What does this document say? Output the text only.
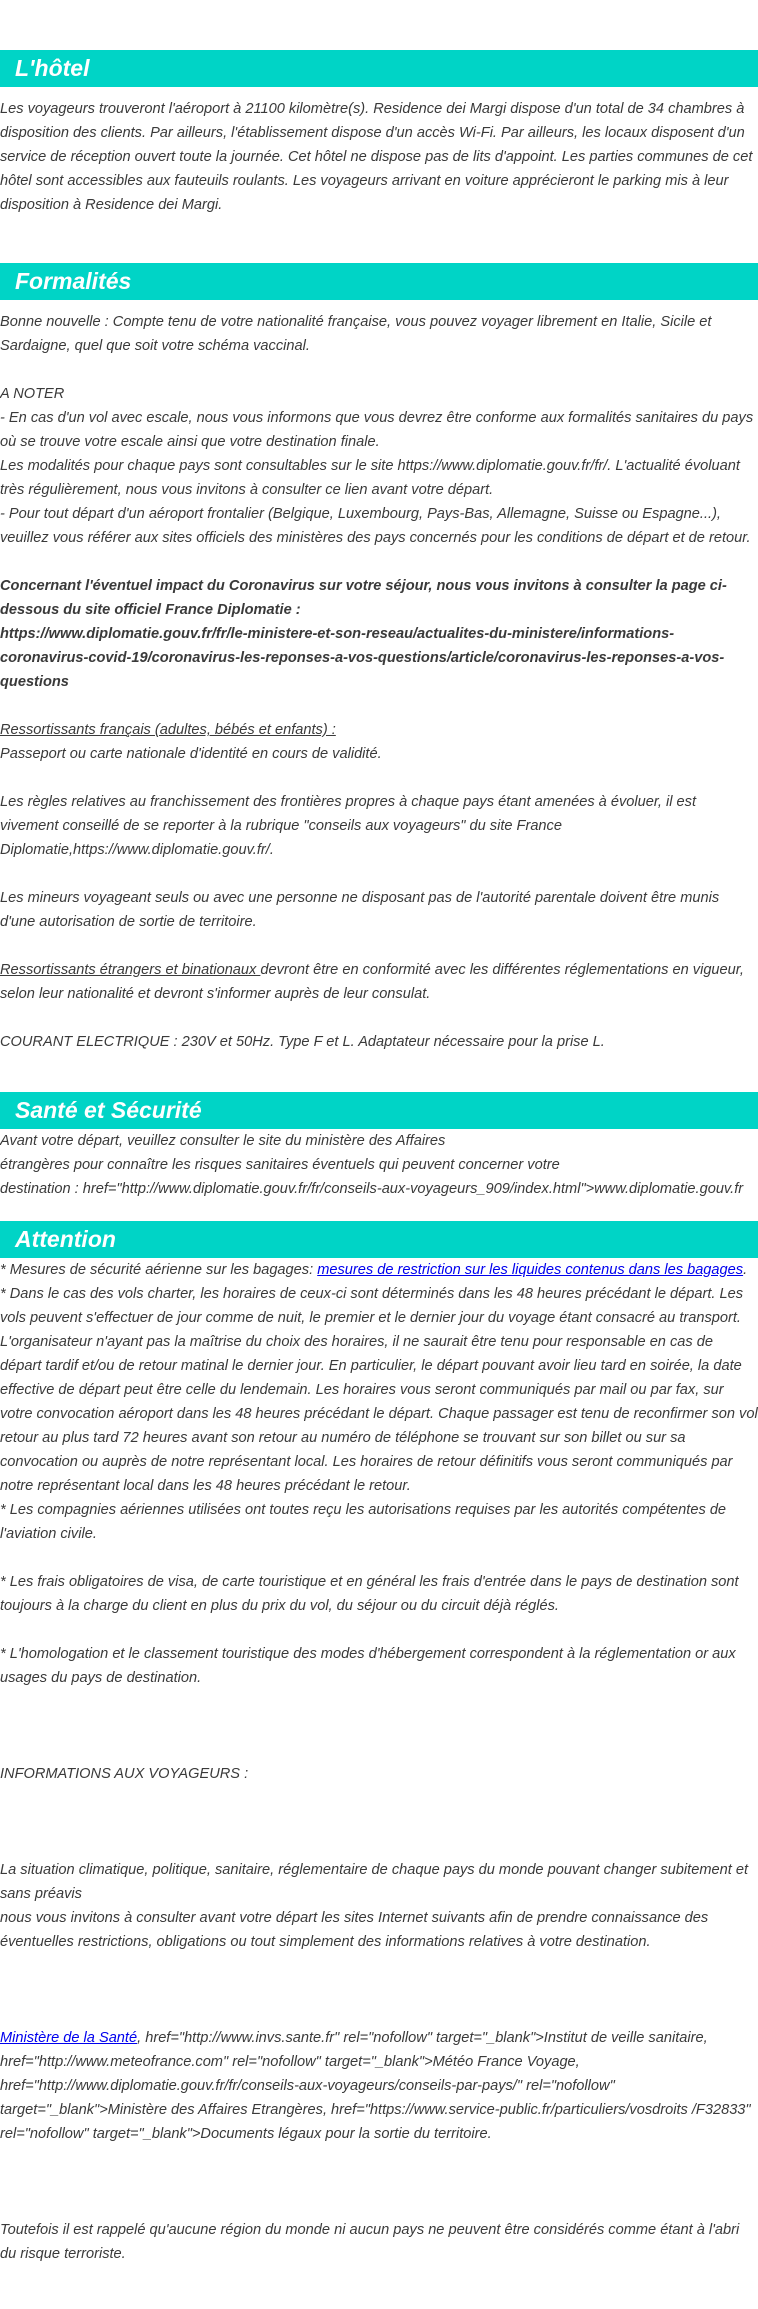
L'hôtel

Les voyageurs trouveront l'aéroport à 21100 kilomètre(s). Residence dei Margi dispose d'un total de 34 chambres à disposition des clients. Par ailleurs, l'établissement dispose d'un accès Wi-Fi. Par ailleurs, les locaux disposent d'un service de réception ouvert toute la journée. Cet hôtel ne dispose pas de lits d'appoint. Les parties communes de cet hôtel sont accessibles aux fauteuils roulants. Les voyageurs arrivant en voiture apprécieront le parking mis à leur disposition à Residence dei Margi.

Formalités

Bonne nouvelle : Compte tenu de votre nationalité française, vous pouvez voyager librement en Italie, Sicile et Sardaigne, quel que soit votre schéma vaccinal.

A NOTER
- En cas d'un vol avec escale, nous vous informons que vous devrez être conforme aux formalités sanitaires du pays où se trouve votre escale ainsi que votre destination finale.
Les modalités pour chaque pays sont consultables sur le site https://www.diplomatie.gouv.fr/fr/. L'actualité évoluant très régulièrement, nous vous invitons à consulter ce lien avant votre départ.
- Pour tout départ d'un aéroport frontalier (Belgique, Luxembourg, Pays-Bas, Allemagne, Suisse ou Espagne...), veuillez vous référer aux sites officiels des ministères des pays concernés pour les conditions de départ et de retour.

Concernant l'éventuel impact du Coronavirus sur votre séjour, nous vous invitons à consulter la page ci-dessous du site officiel France Diplomatie :
https://www.diplomatie.gouv.fr/fr/le-ministere-et-son-reseau/actualites-du-ministere/informations-coronavirus-covid-19/coronavirus-les-reponses-a-vos-questions/article/coronavirus-les-reponses-a-vos-questions

Ressortissants français (adultes, bébés et enfants) :
Passeport ou carte nationale d'identité en cours de validité.

Les règles relatives au franchissement des frontières propres à chaque pays étant amenées à évoluer, il est vivement conseillé de se reporter à la rubrique "conseils aux voyageurs" du site France Diplomatie,https://www.diplomatie.gouv.fr/.

Les mineurs voyageant seuls ou avec une personne ne disposant pas de l'autorité parentale doivent être munis d'une autorisation de sortie de territoire.

Ressortissants étrangers et binationaux devront être en conformité avec les différentes réglementations en vigueur, selon leur nationalité et devront s'informer auprès de leur consulat.

COURANT ELECTRIQUE : 230V et 50Hz. Type F et L. Adaptateur nécessaire pour la prise L.

Santé et Sécurité

Avant votre départ, veuillez consulter le site du ministère des Affaires

étrangères pour connaître les risques sanitaires éventuels qui peuvent concerner votre

destination : href="http://www.diplomatie.gouv.fr/fr/conseils-aux-voyageurs_909/index.html">www.diplomatie.gouv.fr

Attention

* Mesures de sécurité aérienne sur les bagages: mesures de restriction sur les liquides contenus dans les bagages.

* Dans le cas des vols charter, les horaires de ceux-ci sont déterminés dans les 48 heures précédant le départ. Les vols peuvent s'effectuer de jour comme de nuit, le premier et le dernier jour du voyage étant consacré au transport. L'organisateur n'ayant pas la maîtrise du choix des horaires, il ne saurait être tenu pour responsable en cas de départ tardif et/ou de retour matinal le dernier jour. En particulier, le départ pouvant avoir lieu tard en soirée, la date effective de départ peut être celle du lendemain. Les horaires vous seront communiqués par mail ou par fax, sur votre convocation aéroport dans les 48 heures précédant le départ. Chaque passager est tenu de reconfirmer son vol retour au plus tard 72 heures avant son retour au numéro de téléphone se trouvant sur son billet ou sur sa convocation ou auprès de notre représentant local. Les horaires de retour définitifs vous seront communiqués par notre représentant local dans les 48 heures précédant le retour.
* Les compagnies aériennes utilisées ont toutes reçu les autorisations requises par les autorités compétentes de l'aviation civile.

* Les frais obligatoires de visa, de carte touristique et en général les frais d'entrée dans le pays de destination sont toujours à la charge du client en plus du prix du vol, du séjour ou du circuit déjà réglés.

* L'homologation et le classement touristique des modes d'hébergement correspondent à la réglementation or aux usages du pays de destination.

INFORMATIONS AUX VOYAGEURS :

La situation climatique, politique, sanitaire, réglementaire de chaque pays du monde pouvant changer subitement et sans préavis
nous vous invitons à consulter avant votre départ les sites Internet suivants afin de prendre connaissance des éventuelles restrictions, obligations ou tout simplement des informations relatives à votre destination.

Ministère de la Santé, href="http://www.invs.sante.fr" rel="nofollow" target="_blank">Institut de veille sanitaire, href="http://www.meteofrance.com" rel="nofollow" target="_blank">Météo France Voyage, href="http://www.diplomatie.gouv.fr/fr/conseils-aux-voyageurs/conseils-par-pays/" rel="nofollow" target="_blank">Ministère des Affaires Etrangères, href="https://www.service-public.fr/particuliers/vosdroits /F32833" rel="nofollow" target="_blank">Documents légaux pour la sortie du territoire.

Toutefois il est rappelé qu'aucune région du monde ni aucun pays ne peuvent être considérés comme étant à l'abri du risque terroriste.
